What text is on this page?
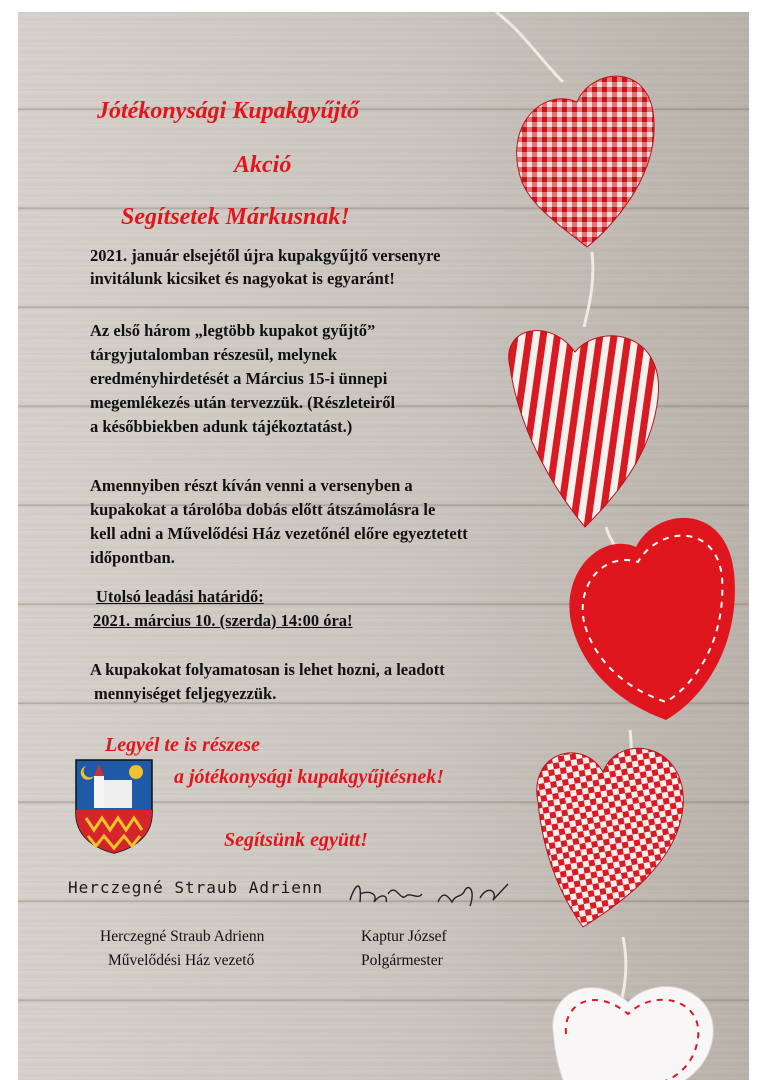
Jótékonysági Kupakgyűjtő
Akció
Segítsetek Márkusnak!
2021. január elsejétől újra kupakgyűjtő versenyre
invitálunk kicsiket és nagyokat is egyaránt!
Az első három „legtöbb kupakot gyűjtő”
tárgyjutalomban részesül, melynek
eredményhirdetését a Március 15-i ünnepi
megemlékezés után tervezzük. (Részleteiről
a későbbiekben adunk tájékoztatást.)
Amennyiben részt kíván venni a versenyben a
kupakokat a tárolóba dobás előtt átszámolásra le
kell adni a Művelődési Ház vezetőnél előre egyeztetett
időpontban.
Utolsó leadási határidő:
2021. március 10. (szerda) 14:00 óra!
A kupakokat folyamatosan is lehet hozni, a leadott
mennyiséget feljegyezzük.
Legyél te is részese
a jótékonysági kupakgyűjtésnek!
Segítsünk együtt!
Herczegné Straub Adrienn
Herczegné Straub Adrienn
Művelődési Ház vezető
Kaptur József
Polgármester
